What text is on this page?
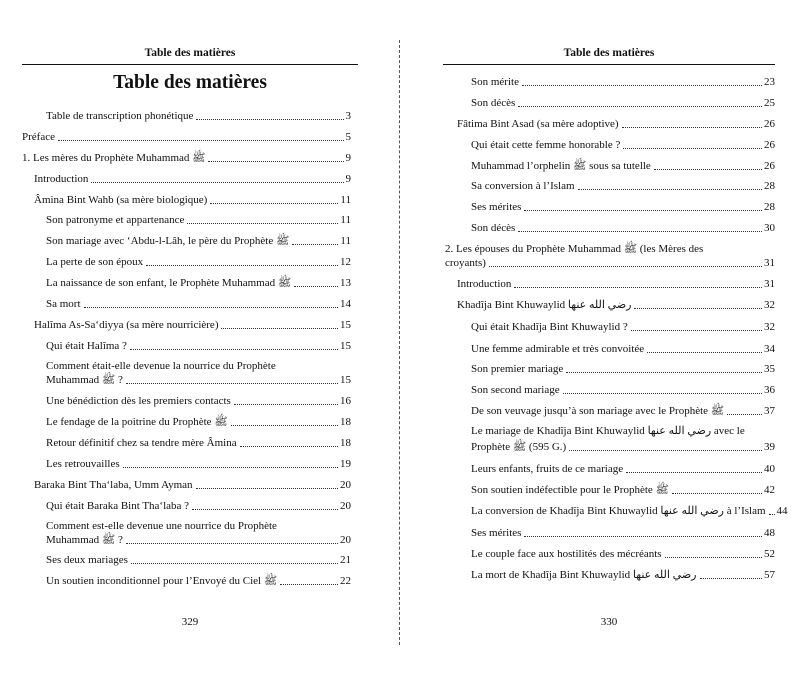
Table des matières
Table des matières
Table de transcription phonétique	3
Préface	5
1. Les mères du Prophète Muhammad ﷺ	9
Introduction	9
Âmina Bint Wahb (sa mère biologique)	11
Son patronyme et appartenance	11
Son mariage avec ‘Abdu-l-Lâh, le père du Prophète ﷺ	11
La perte de son époux	12
La naissance de son enfant, le Prophète Muhammad ﷺ	13
Sa mort	14
Halîma As-Sa‘diyya (sa mère nourricière)	15
Qui était Halîma ?	15
Comment était-elle devenue la nourrice du Prophète
Muhammad ﷺ ?	15
Une bénédiction dès les premiers contacts	16
Le fendage de la poitrine du Prophète ﷺ	18
Retour définitif chez sa tendre mère Âmina	18
Les retrouvailles	19
Baraka Bint Tha‘laba, Umm Ayman	20
Qui était Baraka Bint Tha‘laba ?	20
Comment est-elle devenue une nourrice du Prophète
Muhammad ﷺ ?	20
Ses deux mariages	21
Un soutien inconditionnel pour l’Envoyé du Ciel ﷺ	22
329
Table des matières
Son mérite	23
Son décès	25
Fâtima Bint Asad (sa mère adoptive)	26
Qui était cette femme honorable ?	26
Muhammad l’orphelin ﷺ sous sa tutelle	26
Sa conversion à l’Islam	28
Ses mérites	28
Son décès	30
2. Les épouses du Prophète Muhammad ﷺ (les Mères des
croyants)	31
Introduction	31
Khadîja Bint Khuwaylid رضي الله عنها	32
Qui était Khadîja Bint Khuwaylid ?	32
Une femme admirable et très convoitée	34
Son premier mariage	35
Son second mariage	36
De son veuvage jusqu’à son mariage avec le Prophète ﷺ	37
Le mariage de Khadîja Bint Khuwaylid رضي الله عنها avec le
Prophète ﷺ (595 G.)	39
Leurs enfants, fruits de ce mariage	40
Son soutien indéfectible pour le Prophète ﷺ	42
La conversion de Khadîja Bint Khuwaylid رضي الله عنها à l’Islam 44
Ses mérites	48
Le couple face aux hostilités des mécréants	52
La mort de Khadîja Bint Khuwaylid رضي الله عنها	57
330
